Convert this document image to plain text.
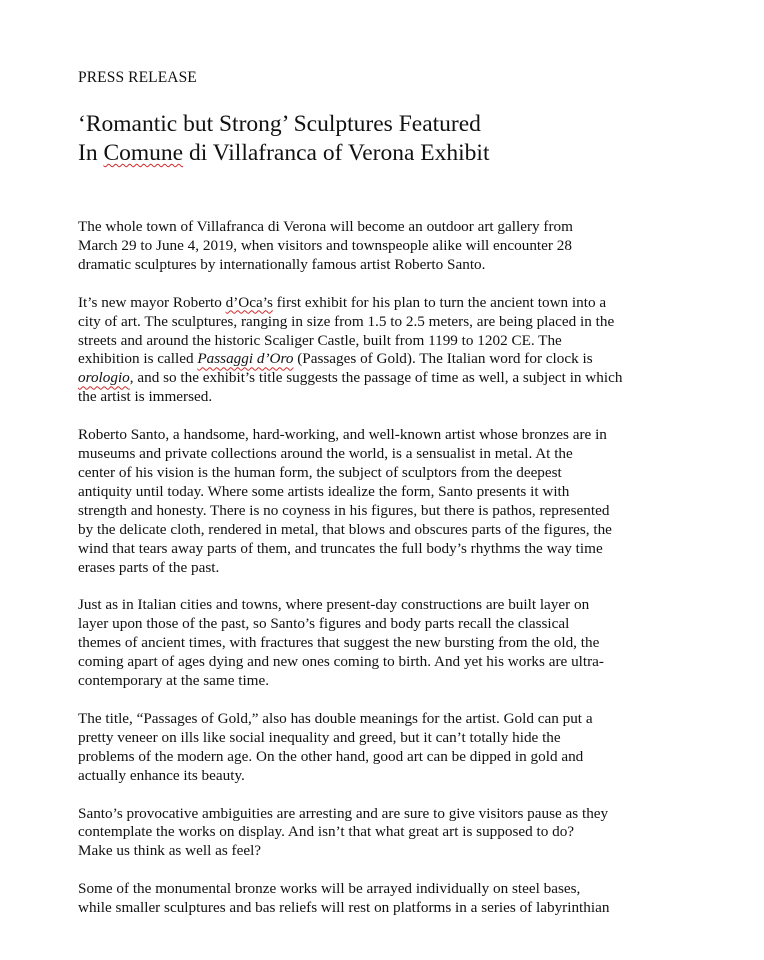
PRESS RELEASE
‘Romantic but Strong’ Sculptures Featured
In Comune di Villafranca of Verona Exhibit

The whole town of Villafranca di Verona will become an outdoor art gallery from
March 29 to June 4, 2019, when visitors and townspeople alike will encounter 28
dramatic sculptures by internationally famous artist Roberto Santo.

It’s new mayor Roberto d’Oca’s first exhibit for his plan to turn the ancient town into a
city of art. The sculptures, ranging in size from 1.5 to 2.5 meters, are being placed in the
streets and around the historic Scaliger Castle, built from 1199 to 1202 CE. The
exhibition is called Passaggi d’Oro (Passages of Gold). The Italian word for clock is
orologio, and so the exhibit’s title suggests the passage of time as well, a subject in which
the artist is immersed.

Roberto Santo, a handsome, hard-working, and well-known artist whose bronzes are in
museums and private collections around the world, is a sensualist in metal. At the
center of his vision is the human form, the subject of sculptors from the deepest
antiquity until today. Where some artists idealize the form, Santo presents it with
strength and honesty. There is no coyness in his figures, but there is pathos, represented
by the delicate cloth, rendered in metal, that blows and obscures parts of the figures, the
wind that tears away parts of them, and truncates the full body’s rhythms the way time
erases parts of the past.

Just as in Italian cities and towns, where present-day constructions are built layer on
layer upon those of the past, so Santo’s figures and body parts recall the classical
themes of ancient times, with fractures that suggest the new bursting from the old, the
coming apart of ages dying and new ones coming to birth. And yet his works are ultra-
contemporary at the same time.

The title, “Passages of Gold,” also has double meanings for the artist. Gold can put a
pretty veneer on ills like social inequality and greed, but it can’t totally hide the
problems of the modern age. On the other hand, good art can be dipped in gold and
actually enhance its beauty.

Santo’s provocative ambiguities are arresting and are sure to give visitors pause as they
contemplate the works on display. And isn’t that what great art is supposed to do?
Make us think as well as feel?

Some of the monumental bronze works will be arrayed individually on steel bases,
while smaller sculptures and bas reliefs will rest on platforms in a series of labyrinthian
